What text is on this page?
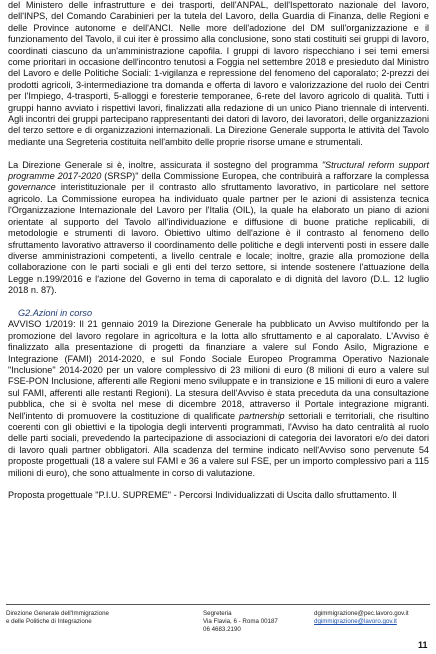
del Ministero delle infrastrutture e dei trasporti, dell'ANPAL, dell'Ispettorato nazionale del lavoro, dell'INPS, del Comando Carabinieri per la tutela del Lavoro, della Guardia di Finanza, delle Regioni e delle Province autonome e dell'ANCI. Nelle more dell'adozione del DM sull'organizzazione e il funzionamento del Tavolo, il cui iter è prossimo alla conclusione, sono stati costituiti sei gruppi di lavoro, coordinati ciascuno da un'amministrazione capofila. I gruppi di lavoro rispecchiano i sei temi emersi come prioritari in occasione dell'incontro tenutosi a Foggia nel settembre 2018 e presieduto dal Ministro del Lavoro e delle Politiche Sociali: 1-vigilanza e repressione del fenomeno del caporalato; 2-prezzi dei prodotti agricoli, 3-intermediazione tra domanda e offerta di lavoro e valorizzazione del ruolo dei Centri per l'Impiego, 4-trasporti, 5-alloggi e foresterie temporanee, 6-rete del lavoro agricolo di qualità. Tutti i gruppi hanno avviato i rispettivi lavori, finalizzati alla redazione di un unico Piano triennale di interventi. Agli incontri dei gruppi partecipano rappresentanti dei datori di lavoro, dei lavoratori, delle organizzazioni del terzo settore e di organizzazioni internazionali. La Direzione Generale supporta le attività del Tavolo mediante una Segreteria costituita nell'ambito delle proprie risorse umane e strumentali.

La Direzione Generale si è, inoltre, assicurata il sostegno del programma "Structural reform support programme 2017-2020 (SRSP)" della Commissione Europea, che contribuirà a rafforzare la complessa governance interistituzionale per il contrasto allo sfruttamento lavorativo, in particolare nel settore agricolo. La Commissione europea ha individuato quale partner per le azioni di assistenza tecnica l'Organizzazione Internazionale del Lavoro per l'Italia (OIL), la quale ha elaborato un piano di azioni orientate al supporto del Tavolo all'individuazione e diffusione di buone pratiche replicabili, di metodologie e strumenti di lavoro. Obiettivo ultimo dell'azione è il contrasto al fenomeno dello sfruttamento lavorativo attraverso il coordinamento delle politiche e degli interventi posti in essere dalle diverse amministrazioni competenti, a livello centrale e locale; inoltre, grazie alla promozione della collaborazione con le parti sociali e gli enti del terzo settore, si intende sostenere l'attuazione della Legge n.199/2016 e l'azione del Governo in tema di caporalato e di dignità del lavoro (D.L. 12 luglio 2018 n. 87).

G2.Azioni in corso

AVVISO 1/2019: Il 21 gennaio 2019 la Direzione Generale ha pubblicato un Avviso multifondo per la promozione del lavoro regolare in agricoltura e la lotta allo sfruttamento e al caporalato. L'Avviso è finalizzato alla presentazione di progetti da finanziare a valere sul Fondo Asilo, Migrazione e Integrazione (FAMI) 2014-2020, e sul Fondo Sociale Europeo Programma Operativo Nazionale "Inclusione" 2014-2020 per un valore complessivo di 23 milioni di euro (8 milioni di euro a valere sul FSE-PON Inclusione, afferenti alle Regioni meno sviluppate e in transizione e 15 milioni di euro a valere sul FAMI, afferenti alle restanti Regioni). La stesura dell'Avviso è stata preceduta da una consultazione pubblica, che si è svolta nel mese di dicembre 2018, attraverso il Portale integrazione migranti. Nell'intento di promuovere la costituzione di qualificate partnership settoriali e territoriali, che risultino coerenti con gli obiettivi e la tipologia degli interventi programmati, l'Avviso ha dato centralità al ruolo delle parti sociali, prevedendo la partecipazione di associazioni di categoria dei lavoratori e/o dei datori di lavoro quali partner obbligatori. Alla scadenza del termine indicato nell'Avviso sono pervenute 54 proposte progettuali (18 a valere sul FAMI e 36 a valere sul FSE, per un importo complessivo pari a 115 milioni di euro), che sono attualmente in corso di valutazione.

Proposta progettuale "P.I.U. SUPREME" - Percorsi Individualizzati di Uscita dallo sfruttamento. Il

Direzione Generale dell'Immigrazione
e delle Politiche di Integrazione
Segreteria
Via Flavia, 6 - Roma 00187
06 4683.2190
dgimmigrazione@pec.lavoro.gov.it
dgimmigrazione@lavoro.gov.it
11
